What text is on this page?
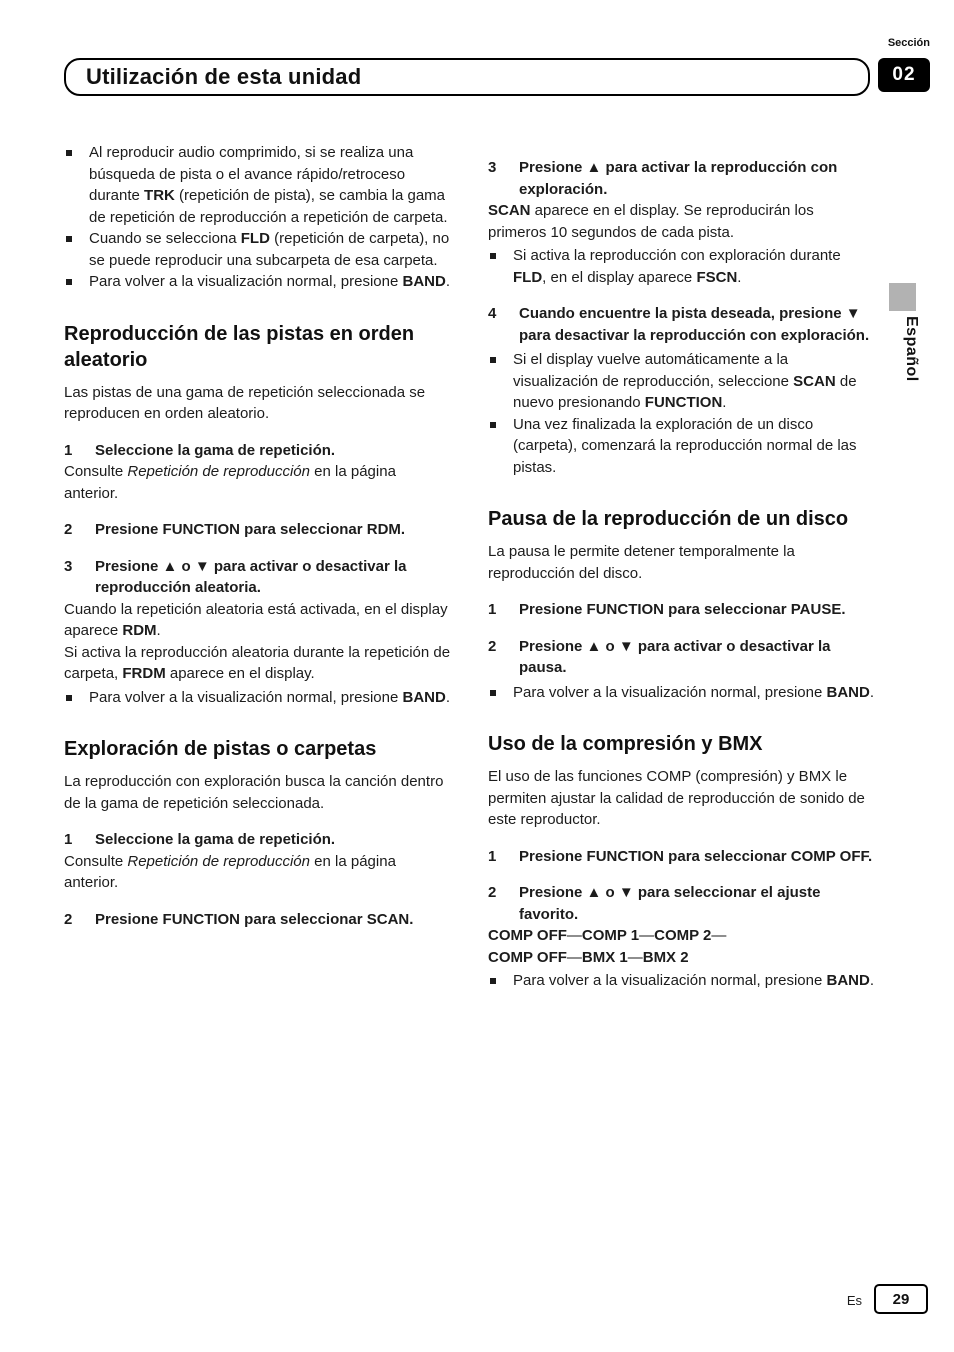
Sección
02
Utilización de esta unidad
Al reproducir audio comprimido, si se realiza una búsqueda de pista o el avance rápido/retroceso durante TRK (repetición de pista), se cambia la gama de repetición de reproducción a repetición de carpeta.
Cuando se selecciona FLD (repetición de carpeta), no se puede reproducir una subcarpeta de esa carpeta.
Para volver a la visualización normal, presione BAND.
Reproducción de las pistas en orden aleatorio

Las pistas de una gama de repetición seleccionada se reproducen en orden aleatorio.

1	Seleccione la gama de repetición.

Consulte Repetición de reproducción en la página anterior.

2	Presione FUNCTION para seleccionar RDM.
3	Presione ▲ o ▼ para activar o desactivar la reproducción aleatoria.

Cuando la repetición aleatoria está activada, en el display aparece RDM.

Si activa la reproducción aleatoria durante la repetición de carpeta, FRDM aparece en el display.

Para volver a la visualización normal, presione BAND.
Exploración de pistas o carpetas

La reproducción con exploración busca la canción dentro de la gama de repetición seleccionada.

1	Seleccione la gama de repetición.

Consulte Repetición de reproducción en la página anterior.

2	Presione FUNCTION para seleccionar SCAN.
3	Presione ▲ para activar la reproducción con exploración.

SCAN aparece en el display. Se reproducirán los primeros 10 segundos de cada pista.

Si activa la reproducción con exploración durante FLD, en el display aparece FSCN.
4	Cuando encuentre la pista deseada, presione ▼ para desactivar la reproducción con exploración.
Si el display vuelve automáticamente a la visualización de reproducción, seleccione SCAN de nuevo presionando FUNCTION.
Una vez finalizada la exploración de un disco (carpeta), comenzará la reproducción normal de las pistas.
Pausa de la reproducción de un disco

La pausa le permite detener temporalmente la reproducción del disco.

1	Presione FUNCTION para seleccionar PAUSE.
2	Presione ▲ o ▼ para activar o desactivar la pausa.
Para volver a la visualización normal, presione BAND.
Uso de la compresión y BMX

El uso de las funciones COMP (compresión) y BMX le permiten ajustar la calidad de reproducción de sonido de este reproductor.

1	Presione FUNCTION para seleccionar COMP OFF.
2	Presione ▲ o ▼ para seleccionar el ajuste favorito.

COMP OFF—COMP 1—COMP 2—

COMP OFF—BMX 1—BMX 2

Para volver a la visualización normal, presione BAND.
Español
Es 29
